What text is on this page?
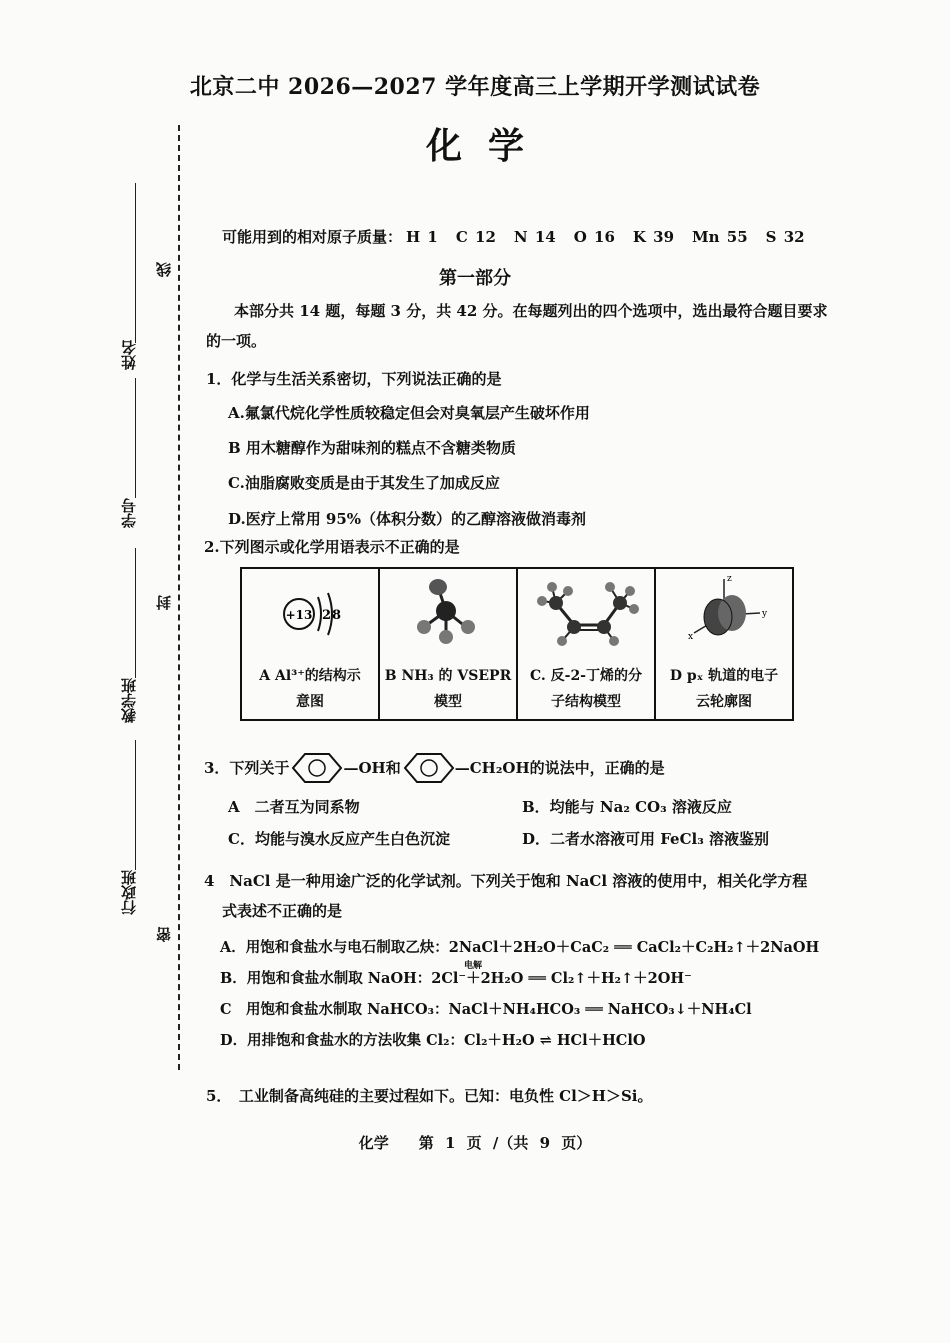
北京二中 2026—2027 学年度高三上学期开学测试试卷
化学
姓名
学号
教学班
行政班
线
封
密
可能用到的相对原子质量： H 1 C 12 N 14 O 16 K 39 Mn 55 S 32
第一部分
本部分共 14 题，每题 3 分，共 42 分。在每题列出的四个选项中，选出最符合题目要求的一项。
1．化学与生活关系密切，下列说法正确的是
A.氟氯代烷化学性质较稳定但会对臭氧层产生破坏作用
B 用木糖醇作为甜味剂的糕点不含糖类物质
C.油脂腐败变质是由于其发生了加成反应
D.医疗上常用 95%（体积分数）的乙醇溶液做消毒剂
2.下列图示或化学用语表示不正确的是
+13 2 8
A Al³⁺的结构示
意图

B NH₃ 的 VSEPR
模型

C. 反-2-丁烯的分
子结构模型

z
y
x
D pₓ 轨道的电子
云轮廓图
3．下列关于	—OH 和	—CH₂OH 的说法中，正确的是
A　二者互为同系物	B．均能与 Na₂ CO₃ 溶液反应
C．均能与溴水反应产生白色沉淀	D．二者水溶液可用 FeCl₃ 溶液鉴别
4　NaCl 是一种用途广泛的化学试剂。下列关于饱和 NaCl 溶液的使用中，相关化学方程
式表述不正确的是
A．用饱和食盐水与电石制取乙炔：2NaCl＋2H₂O＋CaC₂ ══ CaCl₂＋C₂H₂↑＋2NaOH
电解
B．用饱和食盐水制取 NaOH：2Cl⁻＋2H₂O ══ Cl₂↑＋H₂↑＋2OH⁻
C　用饱和食盐水制取 NaHCO₃：NaCl＋NH₄HCO₃ ══ NaHCO₃↓＋NH₄Cl
D．用排饱和食盐水的方法收集 Cl₂：Cl₂＋H₂O ⇌ HCl＋HClO
5．　工业制备高纯硅的主要过程如下。已知：电负性 Cl＞H＞Si。
化学　　第 1 页 /（共 9 页）
